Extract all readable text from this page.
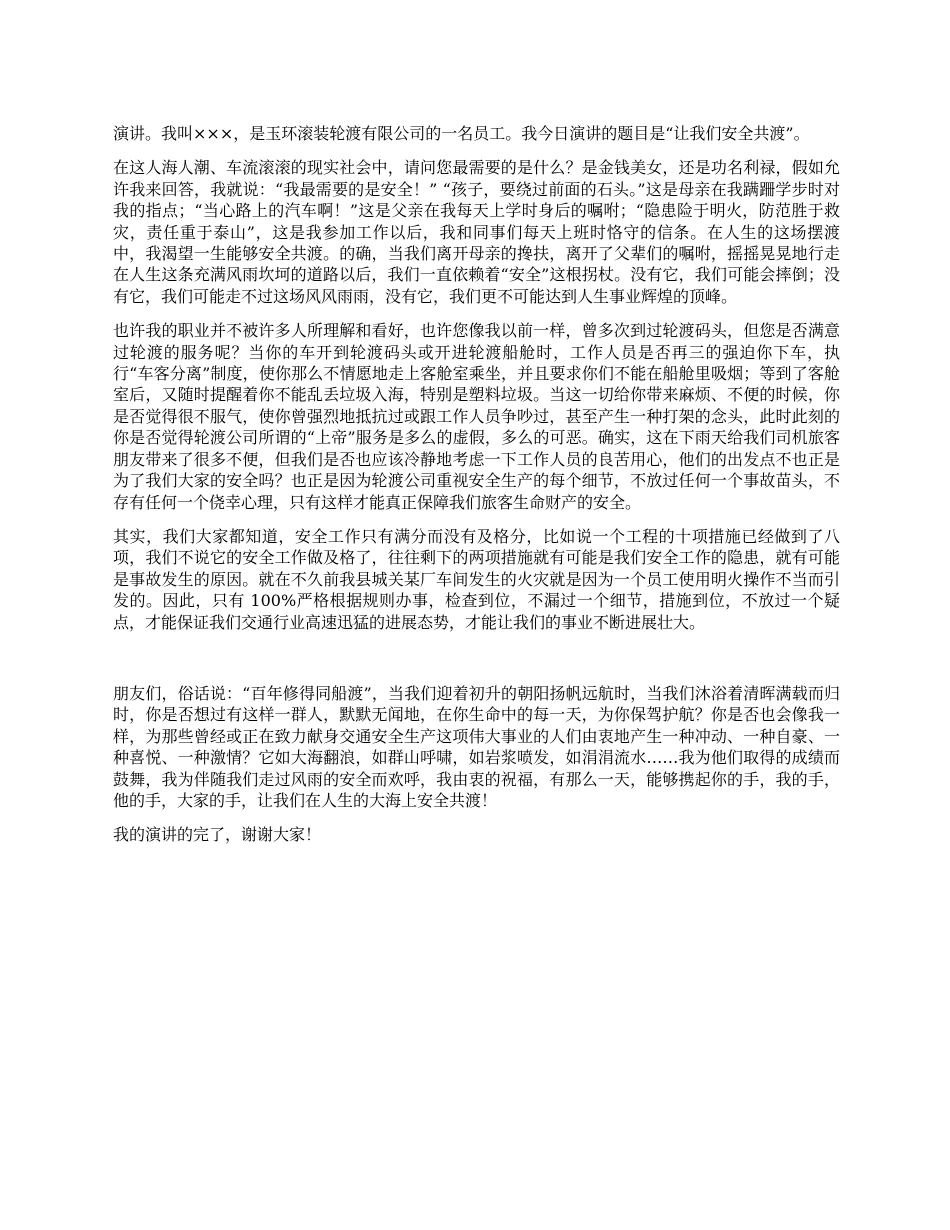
演讲。我叫×××，是玉环滚装轮渡有限公司的一名员工。我今日演讲的题目是“让我们安全共渡”。

在这人海人潮、车流滚滚的现实社会中，请问您最需要的是什么？是金钱美女，还是功名利禄，假如允许我来回答，我就说：“我最需要的是安全！” “孩子，要绕过前面的石头。”这是母亲在我蹒跚学步时对我的指点；“当心路上的汽车啊！”这是父亲在我每天上学时身后的嘱咐；“隐患险于明火，防范胜于救灾，责任重于泰山”，这是我参加工作以后，我和同事们每天上班时恪守的信条。在人生的这场摆渡中，我渴望一生能够安全共渡。的确，当我们离开母亲的搀扶，离开了父辈们的嘱咐，摇摇晃晃地行走在人生这条充满风雨坎坷的道路以后，我们一直依赖着“安全”这根拐杖。没有它，我们可能会摔倒；没有它，我们可能走不过这场风风雨雨，没有它，我们更不可能达到人生事业辉煌的顶峰。

也许我的职业并不被许多人所理解和看好，也许您像我以前一样，曾多次到过轮渡码头，但您是否满意过轮渡的服务呢？当你的车开到轮渡码头或开进轮渡船舱时，工作人员是否再三的强迫你下车，执行“车客分离”制度，使你那么不情愿地走上客舱室乘坐，并且要求你们不能在船舱里吸烟；等到了客舱室后，又随时提醒着你不能乱丢垃圾入海，特别是塑料垃圾。当这一切给你带来麻烦、不便的时候，你是否觉得很不服气，使你曾强烈地抵抗过或跟工作人员争吵过，甚至产生一种打架的念头，此时此刻的你是否觉得轮渡公司所谓的“上帝”服务是多么的虚假，多么的可恶。确实，这在下雨天给我们司机旅客朋友带来了很多不便，但我们是否也应该冷静地考虑一下工作人员的良苦用心，他们的出发点不也正是为了我们大家的安全吗？也正是因为轮渡公司重视安全生产的每个细节，不放过任何一个事故苗头，不存有任何一个侥幸心理，只有这样才能真正保障我们旅客生命财产的安全。

其实，我们大家都知道，安全工作只有满分而没有及格分，比如说一个工程的十项措施已经做到了八项，我们不说它的安全工作做及格了，往往剩下的两项措施就有可能是我们安全工作的隐患，就有可能是事故发生的原因。就在不久前我县城关某厂车间发生的火灾就是因为一个员工使用明火操作不当而引发的。因此，只有 100%严格根据规则办事，检查到位，不漏过一个细节，措施到位，不放过一个疑点，才能保证我们交通行业高速迅猛的进展态势，才能让我们的事业不断进展壮大。

朋友们，俗话说：“百年修得同船渡”，当我们迎着初升的朝阳扬帆远航时，当我们沐浴着清晖满载而归时，你是否想过有这样一群人，默默无闻地，在你生命中的每一天，为你保驾护航？你是否也会像我一样，为那些曾经或正在致力献身交通安全生产这项伟大事业的人们由衷地产生一种冲动、一种自豪、一种喜悦、一种激情？它如大海翻浪，如群山呼啸，如岩浆喷发，如涓涓流水……我为他们取得的成绩而鼓舞，我为伴随我们走过风雨的安全而欢呼，我由衷的祝福，有那么一天，能够携起你的手，我的手，他的手，大家的手，让我们在人生的大海上安全共渡！

我的演讲的完了，谢谢大家！
